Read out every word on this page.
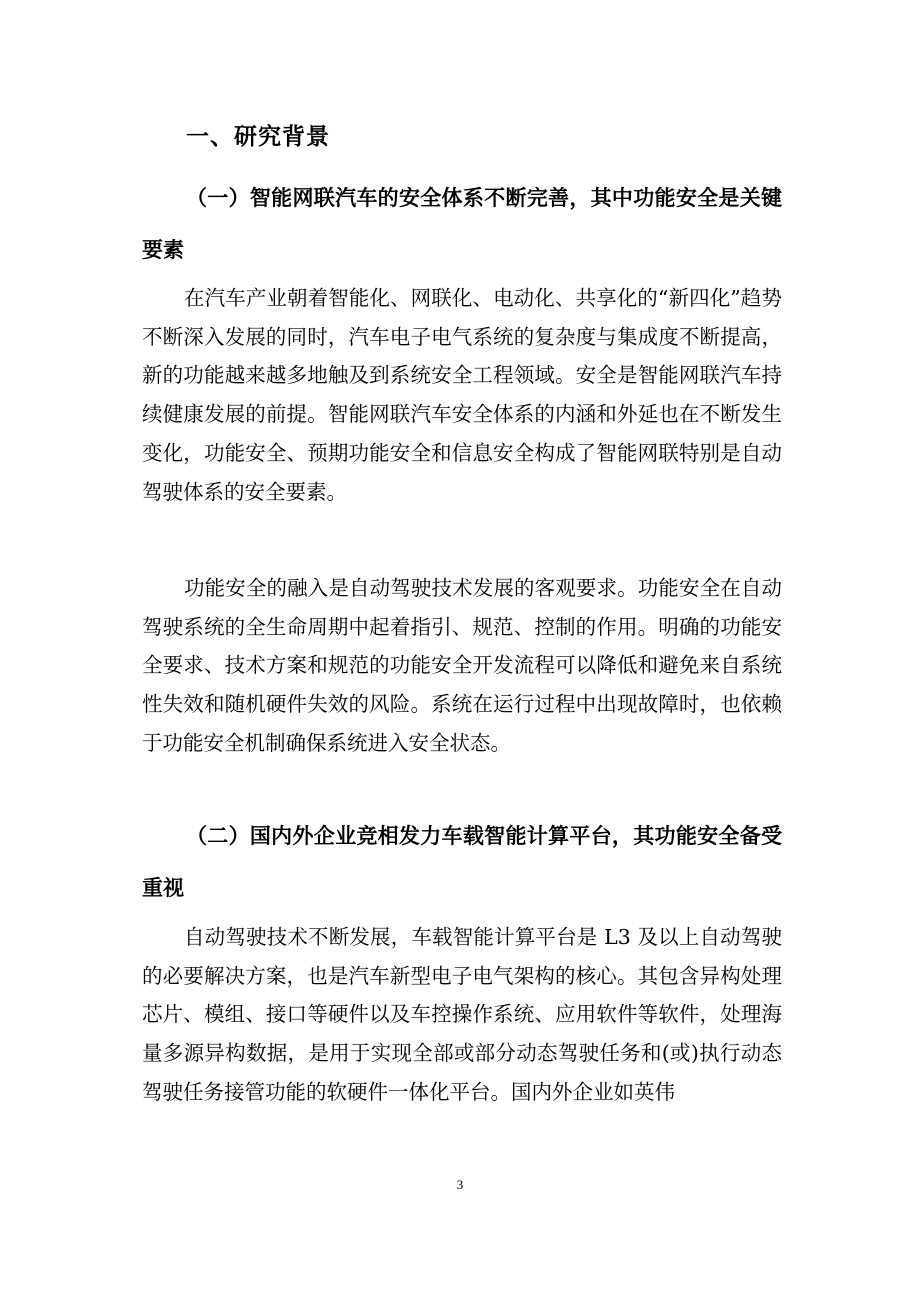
一、研究背景
（一）智能网联汽车的安全体系不断完善，其中功能安全是关键要素

在汽车产业朝着智能化、网联化、电动化、共享化的“新四化”趋势不断深入发展的同时，汽车电子电气系统的复杂度与集成度不断提高，新的功能越来越多地触及到系统安全工程领域。安全是智能网联汽车持续健康发展的前提。智能网联汽车安全体系的内涵和外延也在不断发生变化，功能安全、预期功能安全和信息安全构成了智能网联特别是自动驾驶体系的安全要素。

功能安全的融入是自动驾驶技术发展的客观要求。功能安全在自动驾驶系统的全生命周期中起着指引、规范、控制的作用。明确的功能安全要求、技术方案和规范的功能安全开发流程可以降低和避免来自系统性失效和随机硬件失效的风险。系统在运行过程中出现故障时，也依赖于功能安全机制确保系统进入安全状态。

（二）国内外企业竞相发力车载智能计算平台，其功能安全备受重视

自动驾驶技术不断发展，车载智能计算平台是 L3 及以上自动驾驶的必要解决方案，也是汽车新型电子电气架构的核心。其包含异构处理芯片、模组、接口等硬件以及车控操作系统、应用软件等软件，处理海量多源异构数据，是用于实现全部或部分动态驾驶任务和(或)执行动态驾驶任务接管功能的软硬件一体化平台。国内外企业如英伟

3
